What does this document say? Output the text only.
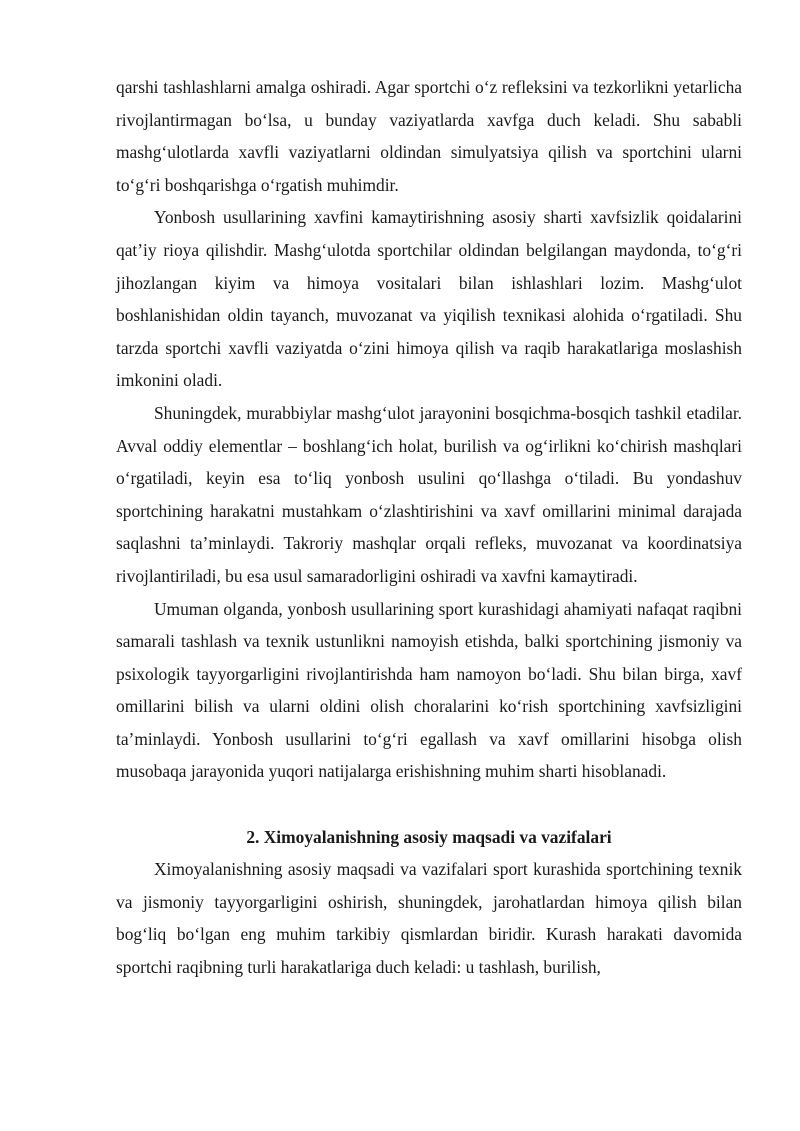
qarshi tashlashlarni amalga oshiradi. Agar sportchi o‘z refleksini va tezkorlikni yetarlicha rivojlantirmagan bo‘lsa, u bunday vaziyatlarda xavfga duch keladi. Shu sababli mashg‘ulotlarda xavfli vaziyatlarni oldindan simulyatsiya qilish va sportchini ularni to‘g‘ri boshqarishga o‘rgatish muhimdir.

Yonbosh usullarining xavfini kamaytirishning asosiy sharti xavfsizlik qoidalarini qat’iy rioya qilishdir. Mashg‘ulotda sportchilar oldindan belgilangan maydonda, to‘g‘ri jihozlangan kiyim va himoya vositalari bilan ishlashlari lozim. Mashg‘ulot boshlanishidan oldin tayanch, muvozanat va yiqilish texnikasi alohida o‘rgatiladi. Shu tarzda sportchi xavfli vaziyatda o‘zini himoya qilish va raqib harakatlariga moslashish imkonini oladi.

Shuningdek, murabbiylar mashg‘ulot jarayonini bosqichma-bosqich tashkil etadilar. Avval oddiy elementlar – boshlang‘ich holat, burilish va og‘irlikni ko‘chirish mashqlari o‘rgatiladi, keyin esa to‘liq yonbosh usulini qo‘llashga o‘tiladi. Bu yondashuv sportchining harakatni mustahkam o‘zlashtirishini va xavf omillarini minimal darajada saqlashni ta’minlaydi. Takroriy mashqlar orqali refleks, muvozanat va koordinatsiya rivojlantiriladi, bu esa usul samaradorligini oshiradi va xavfni kamaytiradi.

Umuman olganda, yonbosh usullarining sport kurashidagi ahamiyati nafaqat raqibni samarali tashlash va texnik ustunlikni namoyish etishda, balki sportchining jismoniy va psixologik tayyorgarligini rivojlantirishda ham namoyon bo‘ladi. Shu bilan birga, xavf omillarini bilish va ularni oldini olish choralarini ko‘rish sportchining xavfsizligini ta’minlaydi. Yonbosh usullarini to‘g‘ri egallash va xavf omillarini hisobga olish musobaqa jarayonida yuqori natijalarga erishishning muhim sharti hisoblanadi.

2. Ximoyalanishning asosiy maqsadi va vazifalari

Ximoyalanishning asosiy maqsadi va vazifalari sport kurashida sportchining texnik va jismoniy tayyorgarligini oshirish, shuningdek, jarohatlardan himoya qilish bilan bog‘liq bo‘lgan eng muhim tarkibiy qismlardan biridir. Kurash harakati davomida sportchi raqibning turli harakatlariga duch keladi: u tashlash, burilish,
